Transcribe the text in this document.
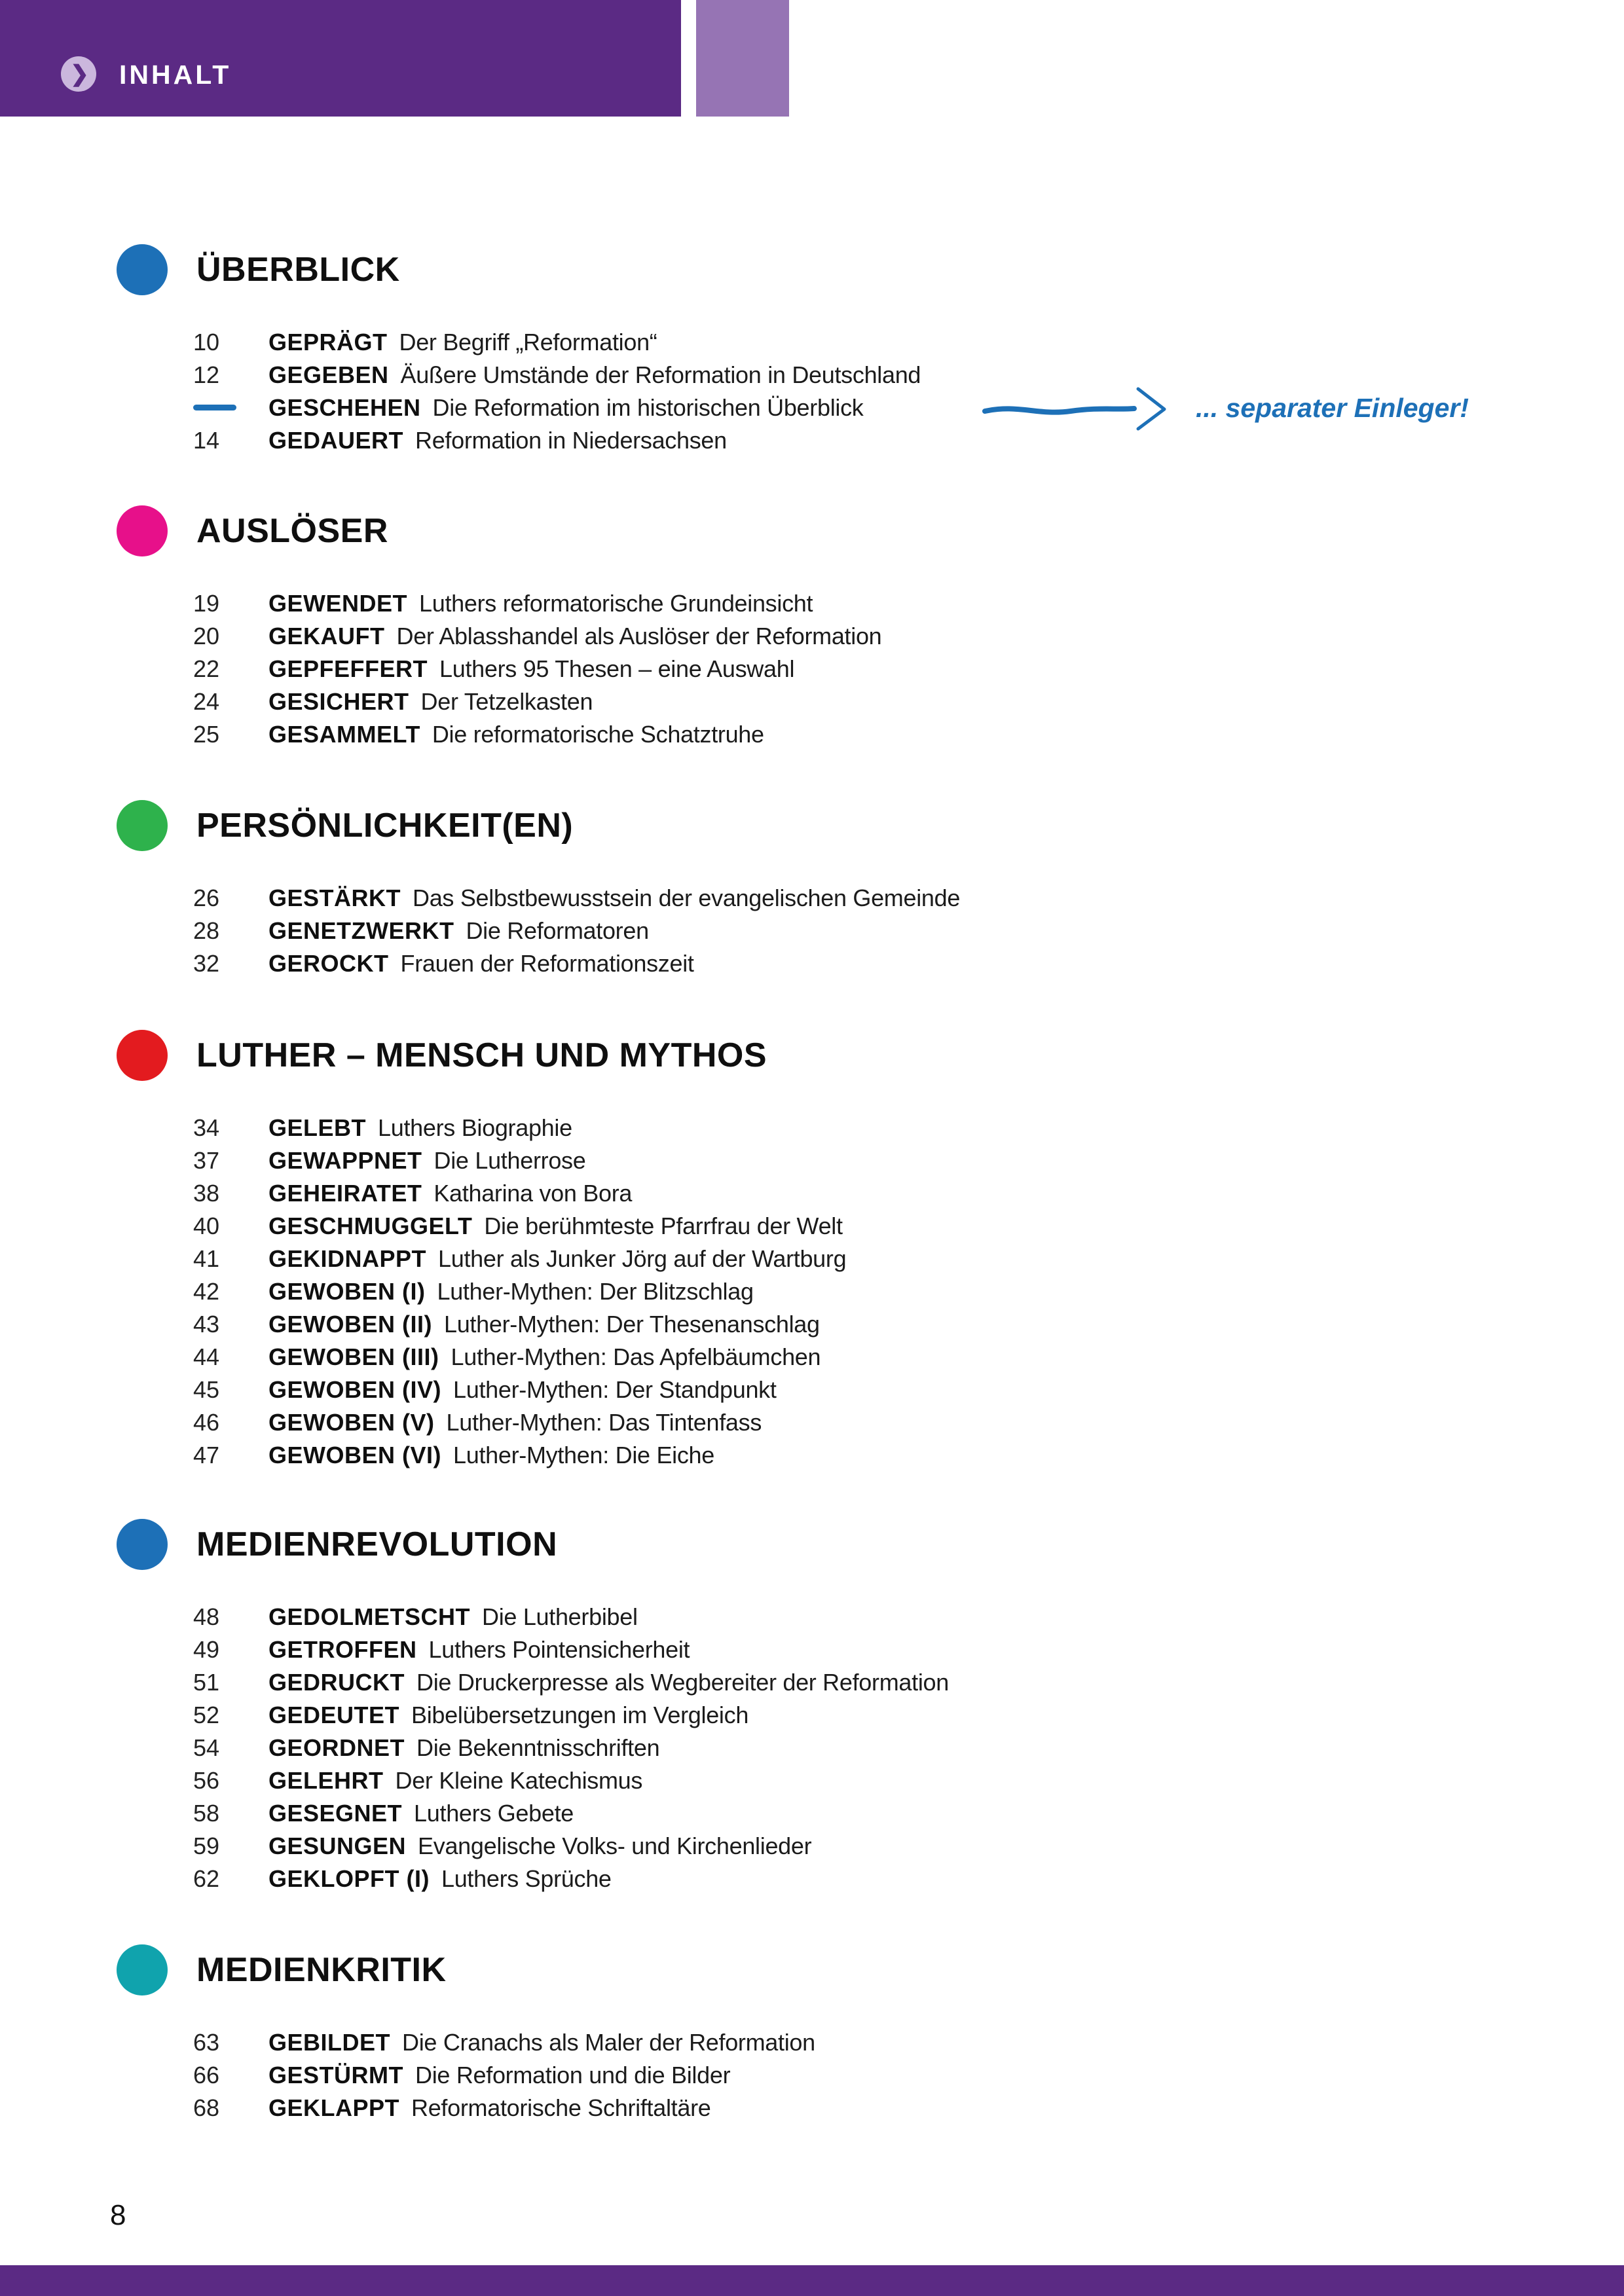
❯ INHALT
ÜBERBLICK
10 GEPRÄGT Der Begriff „Reformation“
12 GEGEBEN Äußere Umstände der Reformation in Deutschland
GESCHEHEN Die Reformation im historischen Überblick	... separater Einleger!
14 GEDAUERT Reformation in Niedersachsen
AUSLÖSER
19 GEWENDET Luthers reformatorische Grundeinsicht
20 GEKAUFT Der Ablasshandel als Auslöser der Reformation
22 GEPFEFFERT Luthers 95 Thesen – eine Auswahl
24 GESICHERT Der Tetzelkasten
25 GESAMMELT Die reformatorische Schatztruhe
PERSÖNLICHKEIT(EN)
26 GESTÄRKT Das Selbstbewusstsein der evangelischen Gemeinde
28 GENETZWERKT Die Reformatoren
32 GEROCKT Frauen der Reformationszeit
LUTHER – MENSCH UND MYTHOS
34 GELEBT Luthers Biographie
37 GEWAPPNET Die Lutherrose
38 GEHEIRATET Katharina von Bora
40 GESCHMUGGELT Die berühmteste Pfarrfrau der Welt
41 GEKIDNAPPT Luther als Junker Jörg auf der Wartburg
42 GEWOBEN (I) Luther-Mythen: Der Blitzschlag
43 GEWOBEN (II) Luther-Mythen: Der Thesenanschlag
44 GEWOBEN (III) Luther-Mythen: Das Apfelbäumchen
45 GEWOBEN (IV) Luther-Mythen: Der Standpunkt
46 GEWOBEN (V) Luther-Mythen: Das Tintenfass
47 GEWOBEN (VI) Luther-Mythen: Die Eiche
MEDIENREVOLUTION
48 GEDOLMETSCHT Die Lutherbibel
49 GETROFFEN Luthers Pointensicherheit
51 GEDRUCKT Die Druckerpresse als Wegbereiter der Reformation
52 GEDEUTET Bibelübersetzungen im Vergleich
54 GEORDNET Die Bekenntnisschriften
56 GELEHRT Der Kleine Katechismus
58 GESEGNET Luthers Gebete
59 GESUNGEN Evangelische Volks- und Kirchenlieder
62 GEKLOPFT (I) Luthers Sprüche
MEDIENKRITIK
63 GEBILDET Die Cranachs als Maler der Reformation
66 GESTÜRMT Die Reformation und die Bilder
68 GEKLAPPT Reformatorische Schriftaltäre
8
